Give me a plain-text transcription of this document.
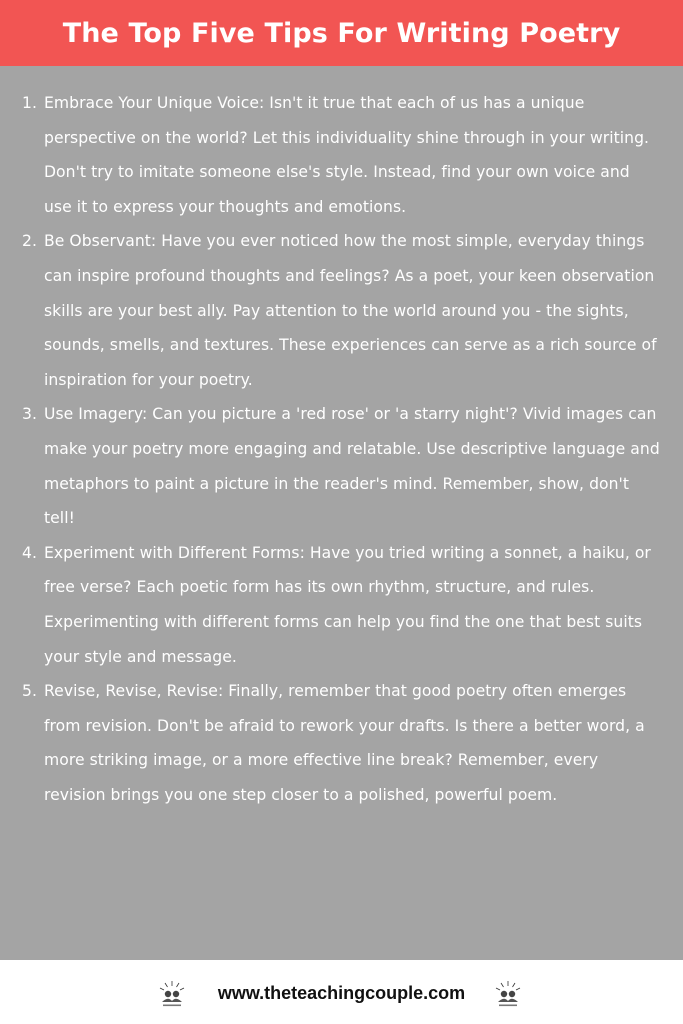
The Top Five Tips For Writing Poetry
1. Embrace Your Unique Voice: Isn't it true that each of us has a unique perspective on the world? Let this individuality shine through in your writing. Don't try to imitate someone else's style. Instead, find your own voice and use it to express your thoughts and emotions.
2. Be Observant: Have you ever noticed how the most simple, everyday things can inspire profound thoughts and feelings? As a poet, your keen observation skills are your best ally. Pay attention to the world around you - the sights, sounds, smells, and textures. These experiences can serve as a rich source of inspiration for your poetry.
3. Use Imagery: Can you picture a 'red rose' or 'a starry night'? Vivid images can make your poetry more engaging and relatable. Use descriptive language and metaphors to paint a picture in the reader's mind. Remember, show, don't tell!
4. Experiment with Different Forms: Have you tried writing a sonnet, a haiku, or free verse? Each poetic form has its own rhythm, structure, and rules. Experimenting with different forms can help you find the one that best suits your style and message.
5. Revise, Revise, Revise: Finally, remember that good poetry often emerges from revision. Don't be afraid to rework your drafts. Is there a better word, a more striking image, or a more effective line break? Remember, every revision brings you one step closer to a polished, powerful poem.
www.theteachingcouple.com
